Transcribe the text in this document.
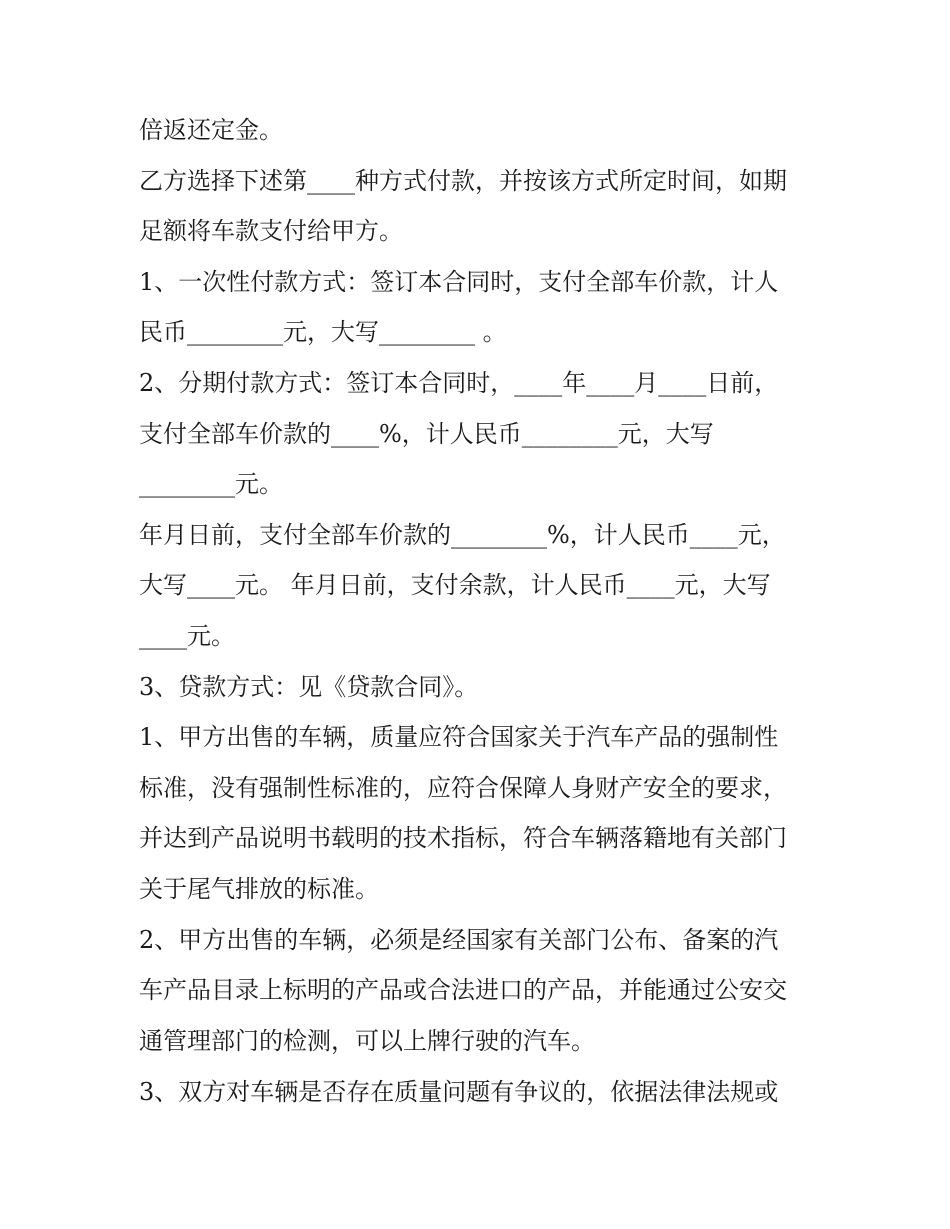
倍返还定金。

乙方选择下述第____种方式付款，并按该方式所定时间，如期

足额将车款支付给甲方。

1、一次性付款方式：签订本合同时，支付全部车价款，计人

民币________元，大写________ 。

2、分期付款方式：签订本合同时，____年____月____日前，

支付全部车价款的____%，计人民币________元，大写

________元。

年月日前，支付全部车价款的________%，计人民币____元，

大写____元。 年月日前，支付余款，计人民币____元，大写

____元。

3、贷款方式：见《贷款合同》。

1、甲方出售的车辆，质量应符合国家关于汽车产品的强制性

标准，没有强制性标准的，应符合保障人身财产安全的要求，

并达到产品说明书载明的技术指标，符合车辆落籍地有关部门

关于尾气排放的标准。

2、甲方出售的车辆，必须是经国家有关部门公布、备案的汽

车产品目录上标明的产品或合法进口的产品，并能通过公安交

通管理部门的检测，可以上牌行驶的汽车。

3、双方对车辆是否存在质量问题有争议的，依据法律法规或
